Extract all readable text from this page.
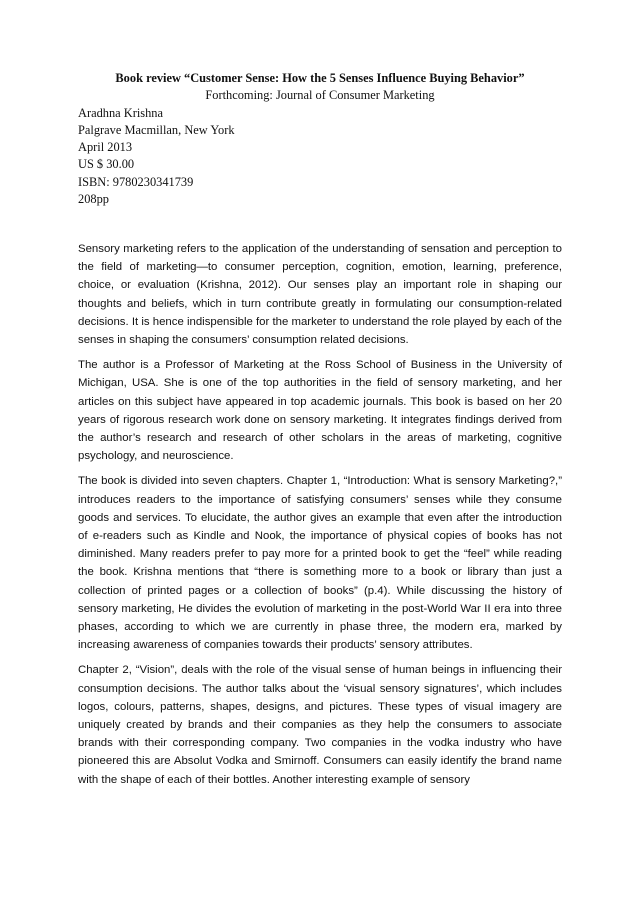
Book review “Customer Sense: How the 5 Senses Influence Buying Behavior”
Forthcoming: Journal of Consumer Marketing
Aradhna Krishna
Palgrave Macmillan, New York
April 2013
US $ 30.00
ISBN: 9780230341739
208pp

Sensory marketing refers to the application of the understanding of sensation and perception to the field of marketing—to consumer perception, cognition, emotion, learning, preference, choice, or evaluation (Krishna, 2012). Our senses play an important role in shaping our thoughts and beliefs, which in turn contribute greatly in formulating our consumption-related decisions. It is hence indispensible for the marketer to understand the role played by each of the senses in shaping the consumers’ consumption related decisions.

The author is a Professor of Marketing at the Ross School of Business in the University of Michigan, USA. She is one of the top authorities in the field of sensory marketing, and her articles on this subject have appeared in top academic journals. This book is based on her 20 years of rigorous research work done on sensory marketing. It integrates findings derived from the author’s research and research of other scholars in the areas of marketing, cognitive psychology, and neuroscience.

The book is divided into seven chapters. Chapter 1, “Introduction: What is sensory Marketing?,” introduces readers to the importance of satisfying consumers’ senses while they consume goods and services. To elucidate, the author gives an example that even after the introduction of e-readers such as Kindle and Nook, the importance of physical copies of books has not diminished. Many readers prefer to pay more for a printed book to get the “feel” while reading the book. Krishna mentions that “there is something more to a book or library than just a collection of printed pages or a collection of books” (p.4). While discussing the history of sensory marketing, He divides the evolution of marketing in the post-World War II era into three phases, according to which we are currently in phase three, the modern era, marked by increasing awareness of companies towards their products’ sensory attributes.

Chapter 2, “Vision”, deals with the role of the visual sense of human beings in influencing their consumption decisions. The author talks about the ‘visual sensory signatures’, which includes logos, colours, patterns, shapes, designs, and pictures. These types of visual imagery are uniquely created by brands and their companies as they help the consumers to associate brands with their corresponding company. Two companies in the vodka industry who have pioneered this are Absolut Vodka and Smirnoff. Consumers can easily identify the brand name with the shape of each of their bottles. Another interesting example of sensory
